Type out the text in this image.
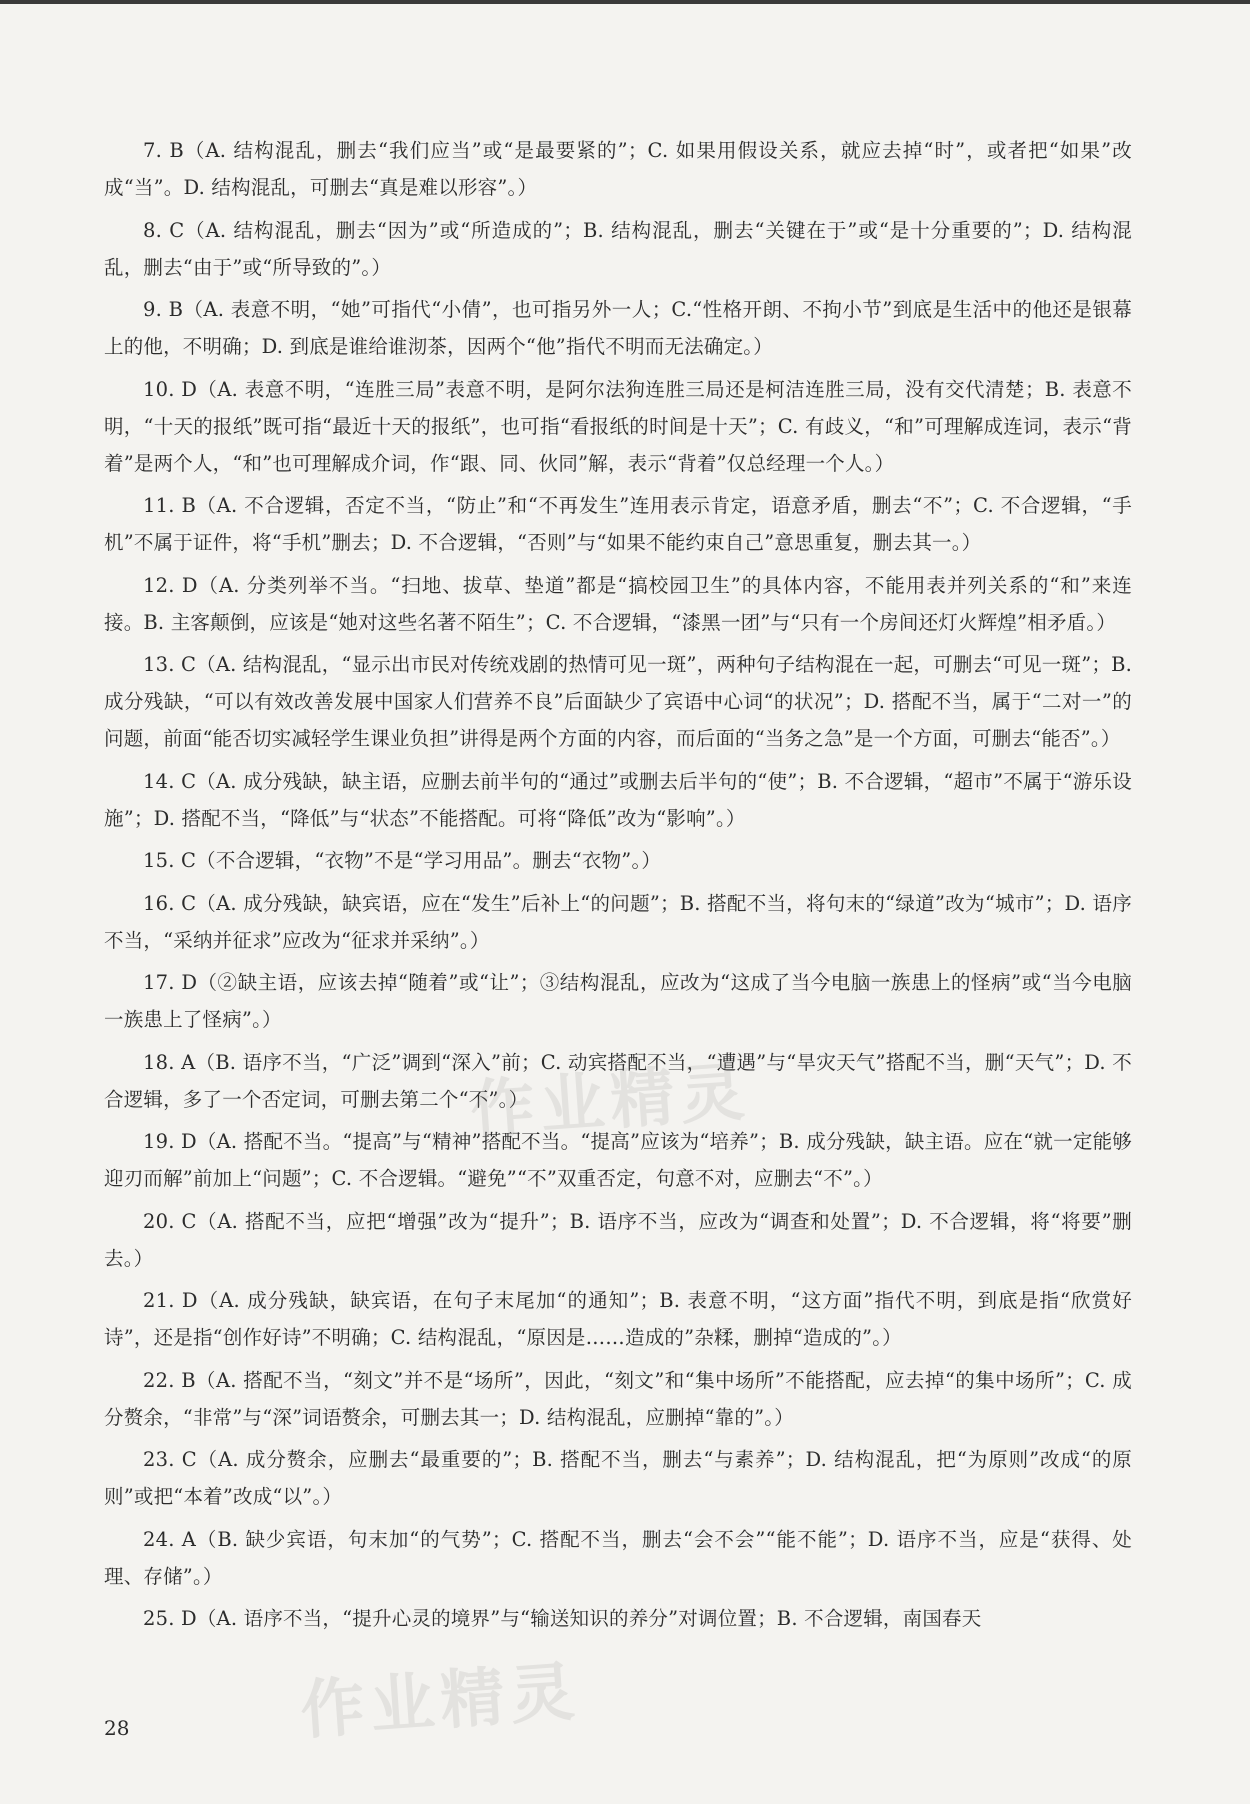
7. B（A. 结构混乱，删去“我们应当”或“是最要紧的”；C. 如果用假设关系，就应去掉“时”，或者把“如果”改成“当”。D. 结构混乱，可删去“真是难以形容”。）

8. C（A. 结构混乱，删去“因为”或“所造成的”；B. 结构混乱，删去“关键在于”或“是十分重要的”；D. 结构混乱，删去“由于”或“所导致的”。）

9. B（A. 表意不明，“她”可指代“小倩”，也可指另外一人；C.“性格开朗、不拘小节”到底是生活中的他还是银幕上的他，不明确；D. 到底是谁给谁沏茶，因两个“他”指代不明而无法确定。）

10. D（A. 表意不明，“连胜三局”表意不明，是阿尔法狗连胜三局还是柯洁连胜三局，没有交代清楚；B. 表意不明，“十天的报纸”既可指“最近十天的报纸”，也可指“看报纸的时间是十天”；C. 有歧义，“和”可理解成连词，表示“背着”是两个人，“和”也可理解成介词，作“跟、同、伙同”解，表示“背着”仅总经理一个人。）

11. B（A. 不合逻辑，否定不当，“防止”和“不再发生”连用表示肯定，语意矛盾，删去“不”；C. 不合逻辑，“手机”不属于证件，将“手机”删去；D. 不合逻辑，“否则”与“如果不能约束自己”意思重复，删去其一。）

12. D（A. 分类列举不当。“扫地、拔草、垫道”都是“搞校园卫生”的具体内容，不能用表并列关系的“和”来连接。B. 主客颠倒，应该是“她对这些名著不陌生”；C. 不合逻辑，“漆黑一团”与“只有一个房间还灯火辉煌”相矛盾。）

13. C（A. 结构混乱，“显示出市民对传统戏剧的热情可见一斑”，两种句子结构混在一起，可删去“可见一斑”；B. 成分残缺，“可以有效改善发展中国家人们营养不良”后面缺少了宾语中心词“的状况”；D. 搭配不当，属于“二对一”的问题，前面“能否切实减轻学生课业负担”讲得是两个方面的内容，而后面的“当务之急”是一个方面，可删去“能否”。）

14. C（A. 成分残缺，缺主语，应删去前半句的“通过”或删去后半句的“使”；B. 不合逻辑，“超市”不属于“游乐设施”；D. 搭配不当，“降低”与“状态”不能搭配。可将“降低”改为“影响”。）

15. C（不合逻辑，“衣物”不是“学习用品”。删去“衣物”。）

16. C（A. 成分残缺，缺宾语，应在“发生”后补上“的问题”；B. 搭配不当，将句末的“绿道”改为“城市”；D. 语序不当，“采纳并征求”应改为“征求并采纳”。）

17. D（②缺主语，应该去掉“随着”或“让”；③结构混乱，应改为“这成了当今电脑一族患上的怪病”或“当今电脑一族患上了怪病”。）

18. A（B. 语序不当，“广泛”调到“深入”前；C. 动宾搭配不当，“遭遇”与“旱灾天气”搭配不当，删“天气”；D. 不合逻辑，多了一个否定词，可删去第二个“不”。）

19. D（A. 搭配不当。“提高”与“精神”搭配不当。“提高”应该为“培养”；B. 成分残缺，缺主语。应在“就一定能够迎刃而解”前加上“问题”；C. 不合逻辑。“避免”“不”双重否定，句意不对，应删去“不”。）

20. C（A. 搭配不当，应把“增强”改为“提升”；B. 语序不当，应改为“调查和处置”；D. 不合逻辑，将“将要”删去。）

21. D（A. 成分残缺，缺宾语，在句子末尾加“的通知”；B. 表意不明，“这方面”指代不明，到底是指“欣赏好诗”，还是指“创作好诗”不明确；C. 结构混乱，“原因是……造成的”杂糅，删掉“造成的”。）

22. B（A. 搭配不当，“刻文”并不是“场所”，因此，“刻文”和“集中场所”不能搭配，应去掉“的集中场所”；C. 成分赘余，“非常”与“深”词语赘余，可删去其一；D. 结构混乱，应删掉“靠的”。）

23. C（A. 成分赘余，应删去“最重要的”；B. 搭配不当，删去“与素养”；D. 结构混乱，把“为原则”改成“的原则”或把“本着”改成“以”。）

24. A（B. 缺少宾语，句末加“的气势”；C. 搭配不当，删去“会不会”“能不能”；D. 语序不当，应是“获得、处理、存储”。）

25. D（A. 语序不当，“提升心灵的境界”与“输送知识的养分”对调位置；B. 不合逻辑，南国春天

作业精灵
作业精灵
28
